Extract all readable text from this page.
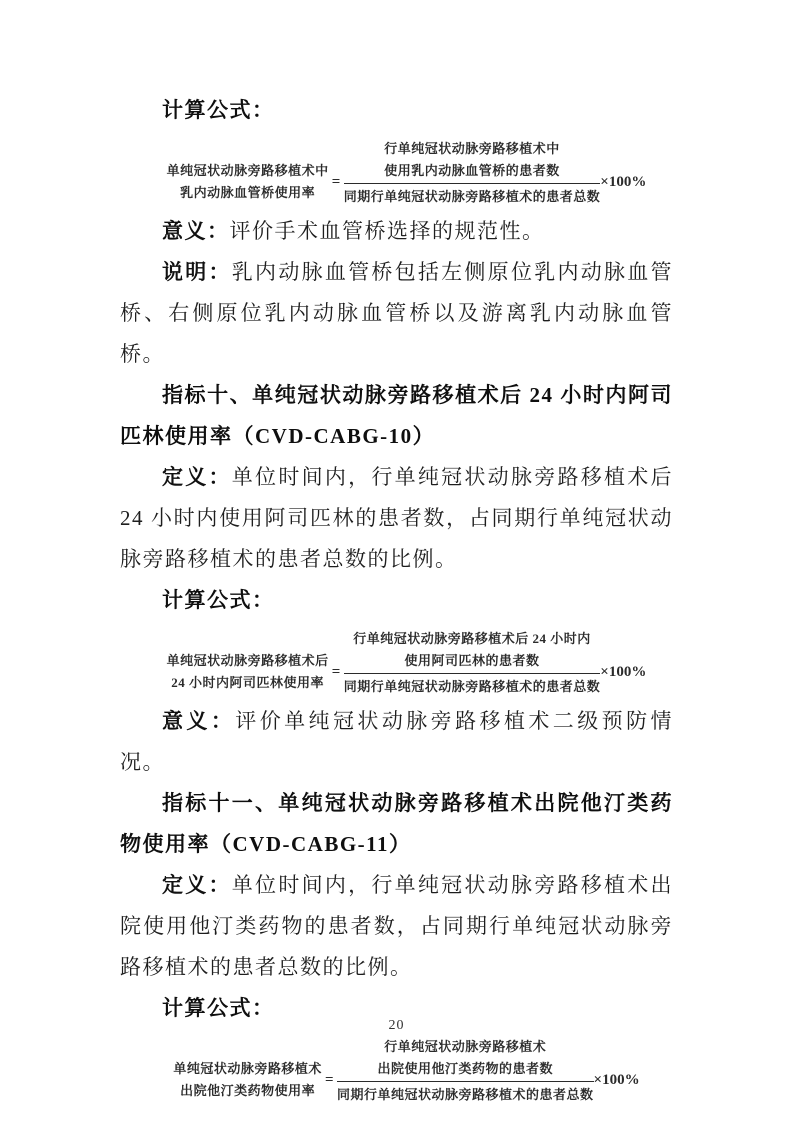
计算公式：

单纯冠状动脉旁路移植术中
乳内动脉血管桥使用率
= 行单纯冠状动脉旁路移植术中
使用乳内动脉血管桥的患者数
同期行单纯冠状动脉旁路移植术的患者总数 ×100%

意义：评价手术血管桥选择的规范性。

说明：乳内动脉血管桥包括左侧原位乳内动脉血管桥、右侧原位乳内动脉血管桥以及游离乳内动脉血管桥。

指标十、单纯冠状动脉旁路移植术后 24 小时内阿司匹林使用率（CVD-CABG-10）

定义：单位时间内，行单纯冠状动脉旁路移植术后 24 小时内使用阿司匹林的患者数，占同期行单纯冠状动脉旁路移植术的患者总数的比例。

计算公式：

单纯冠状动脉旁路移植术后
24 小时内阿司匹林使用率
= 行单纯冠状动脉旁路移植术后 24 小时内
使用阿司匹林的患者数
同期行单纯冠状动脉旁路移植术的患者总数 ×100%

意义：评价单纯冠状动脉旁路移植术二级预防情况。

指标十一、单纯冠状动脉旁路移植术出院他汀类药物使用率（CVD-CABG-11）

定义：单位时间内，行单纯冠状动脉旁路移植术出院使用他汀类药物的患者数，占同期行单纯冠状动脉旁路移植术的患者总数的比例。

计算公式：

单纯冠状动脉旁路移植术
出院他汀类药物使用率
= 行单纯冠状动脉旁路移植术
出院使用他汀类药物的患者数
同期行单纯冠状动脉旁路移植术的患者总数 ×100%
20
